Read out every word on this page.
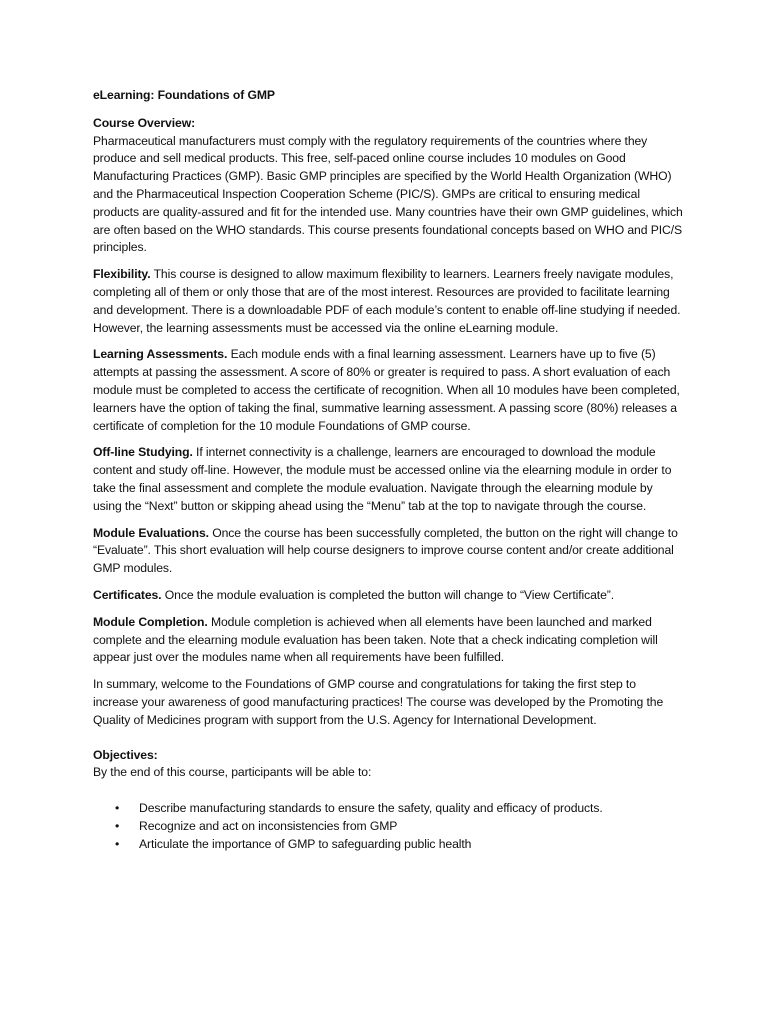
eLearning: Foundations of GMP

Course Overview:

Pharmaceutical manufacturers must comply with the regulatory requirements of the countries where they produce and sell medical products. This free, self-paced online course includes 10 modules on Good Manufacturing Practices (GMP). Basic GMP principles are specified by the World Health Organization (WHO) and the Pharmaceutical Inspection Cooperation Scheme (PIC/S). GMPs are critical to ensuring medical products are quality-assured and fit for the intended use. Many countries have their own GMP guidelines, which are often based on the WHO standards. This course presents foundational concepts based on WHO and PIC/S principles.

Flexibility. This course is designed to allow maximum flexibility to learners. Learners freely navigate modules, completing all of them or only those that are of the most interest. Resources are provided to facilitate learning and development. There is a downloadable PDF of each module’s content to enable off-line studying if needed. However, the learning assessments must be accessed via the online eLearning module.

Learning Assessments. Each module ends with a final learning assessment. Learners have up to five (5) attempts at passing the assessment. A score of 80% or greater is required to pass. A short evaluation of each module must be completed to access the certificate of recognition. When all 10 modules have been completed, learners have the option of taking the final, summative learning assessment. A passing score (80%) releases a certificate of completion for the 10 module Foundations of GMP course.

Off-line Studying. If internet connectivity is a challenge, learners are encouraged to download the module content and study off-line. However, the module must be accessed online via the elearning module in order to take the final assessment and complete the module evaluation. Navigate through the elearning module by using the “Next” button or skipping ahead using the “Menu” tab at the top to navigate through the course.

Module Evaluations. Once the course has been successfully completed, the button on the right will change to “Evaluate”. This short evaluation will help course designers to improve course content and/or create additional GMP modules.

Certificates. Once the module evaluation is completed the button will change to “View Certificate”.

Module Completion. Module completion is achieved when all elements have been launched and marked complete and the elearning module evaluation has been taken. Note that a check indicating completion will appear just over the modules name when all requirements have been fulfilled.

In summary, welcome to the Foundations of GMP course and congratulations for taking the first step to increase your awareness of good manufacturing practices! The course was developed by the Promoting the Quality of Medicines program with support from the U.S. Agency for International Development.

Objectives:

By the end of this course, participants will be able to:

• Describe manufacturing standards to ensure the safety, quality and efficacy of products.
• Recognize and act on inconsistencies from GMP
• Articulate the importance of GMP to safeguarding public health
